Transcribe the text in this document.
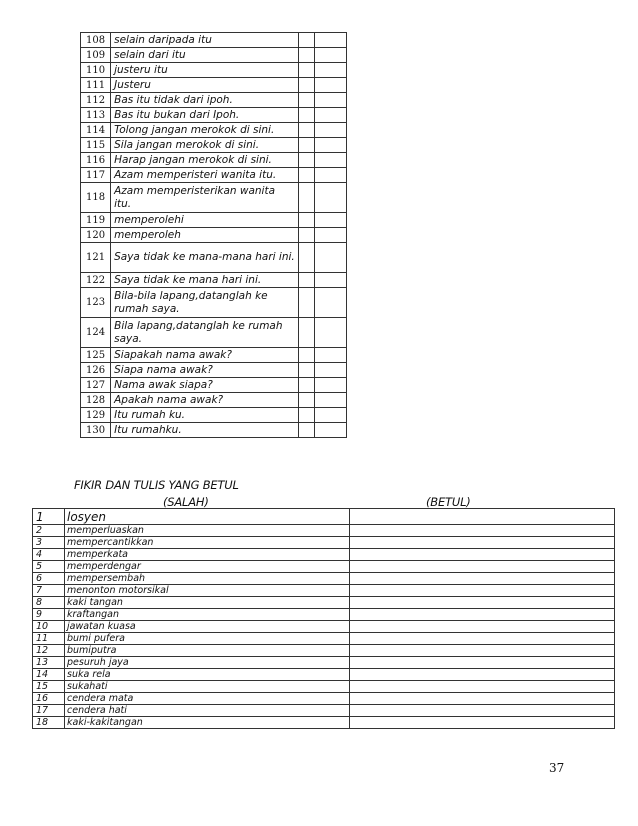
108	selain daripada itu		
109	selain dari itu		
110	justeru itu		
111	Justeru		
112	Bas itu tidak dari ipoh.		
113	Bas itu bukan dari Ipoh.		
114	Tolong jangan merokok di sini.		
115	Sila jangan merokok di sini.		
116	Harap jangan merokok di sini.		
117	Azam memperisteri wanita itu.		
118	Azam memperisterikan wanita itu.		
119	memperolehi		
120	memperoleh		
121	Saya tidak ke mana-mana hari ini.		
122	Saya tidak ke mana hari ini.		
123	Bila-bila lapang,datanglah ke rumah saya.		
124	Bila lapang,datanglah ke rumah saya.		
125	Siapakah nama awak?		
126	Siapa nama awak?		
127	Nama awak siapa?		
128	Apakah nama awak?		
129	Itu rumah ku.		
130	Itu rumahku.		
FIKIR DAN TULIS YANG BETUL
(SALAH)	(BETUL)
1	losyen	
2	memperluaskan	
3	mempercantikkan	
4	memperkata	
5	memperdengar	
6	mempersembah	
7	menonton motorsikal	
8	kaki tangan	
9	kraftangan	
10	jawatan kuasa	
11	bumi pufera	
12	bumiputra	
13	pesuruh jaya	
14	suka rela	
15	sukahati	
16	cendera mata	
17	cendera hati	
18	kaki-kakitangan	
37
